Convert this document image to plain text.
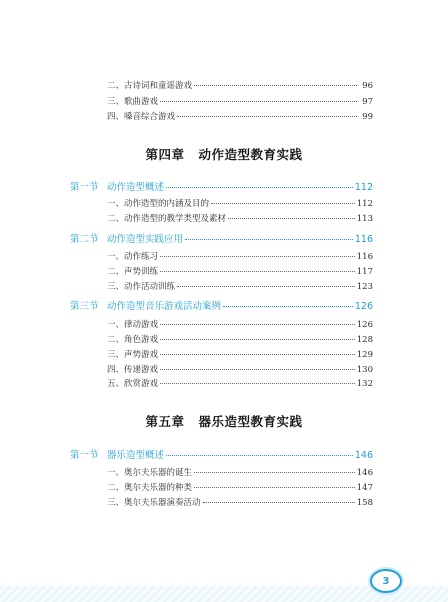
二、古诗词和童谣游戏	96
三、歌曲游戏	97
四、嗓音综合游戏	99
第四章 动作造型教育实践
第一节 动作造型概述	112
一、动作造型的内涵及目的	112
二、动作造型的教学类型及素材	113
第二节 动作造型实践应用	116
一、动作练习	116
二、声势训练	117
三、动作活动训练	123
第三节 动作造型音乐游戏活动案例	126
一、律动游戏	126
二、角色游戏	128
三、声势游戏	129
四、传递游戏	130
五、欣赏游戏	132
第五章 器乐造型教育实践
第一节 器乐造型概述	146
一、奥尔夫乐器的诞生	146
二、奥尔夫乐器的种类	147
三、奥尔夫乐器演奏活动	158
3
